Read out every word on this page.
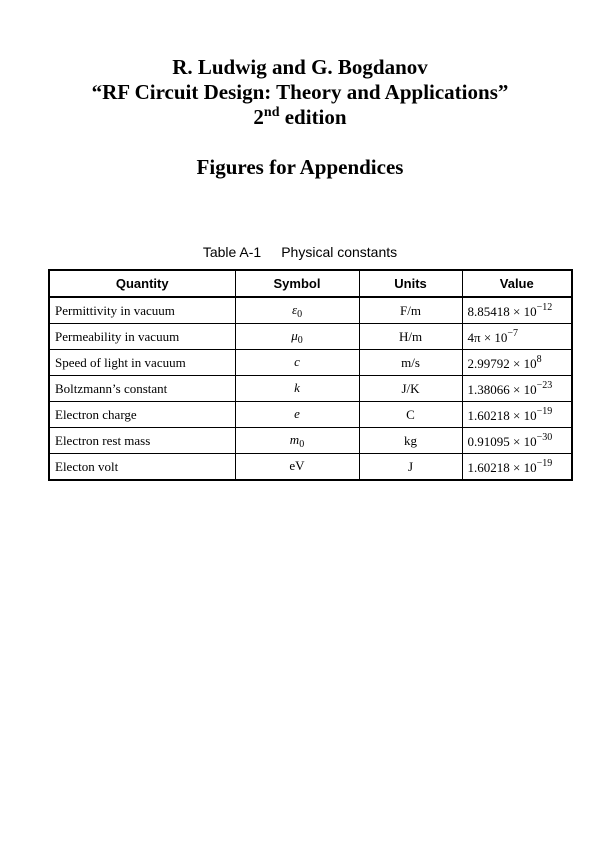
R. Ludwig and G. Bogdanov
“RF Circuit Design: Theory and Applications”
2nd edition
Figures for Appendices
Table A-1 Physical constants
Quantity	Symbol	Units	Value
Permittivity in vacuum	$\varepsilon_0$	F/m	$8.85418 \times 10^{-12}$
Permeability in vacuum	$\mu_0$	H/m	$4\pi \times 10^{-7}$
Speed of light in vacuum	c	m/s	$2.99792 \times 10^8$
Boltzmann’s constant	k	J/K	$1.38066 \times 10^{-23}$
Electron charge	e	C	$1.60218 \times 10^{-19}$
Electron rest mass	$m_0$	kg	$0.91095 \times 10^{-30}$
Electon volt	eV	J	$1.60218 \times 10^{-19}$
